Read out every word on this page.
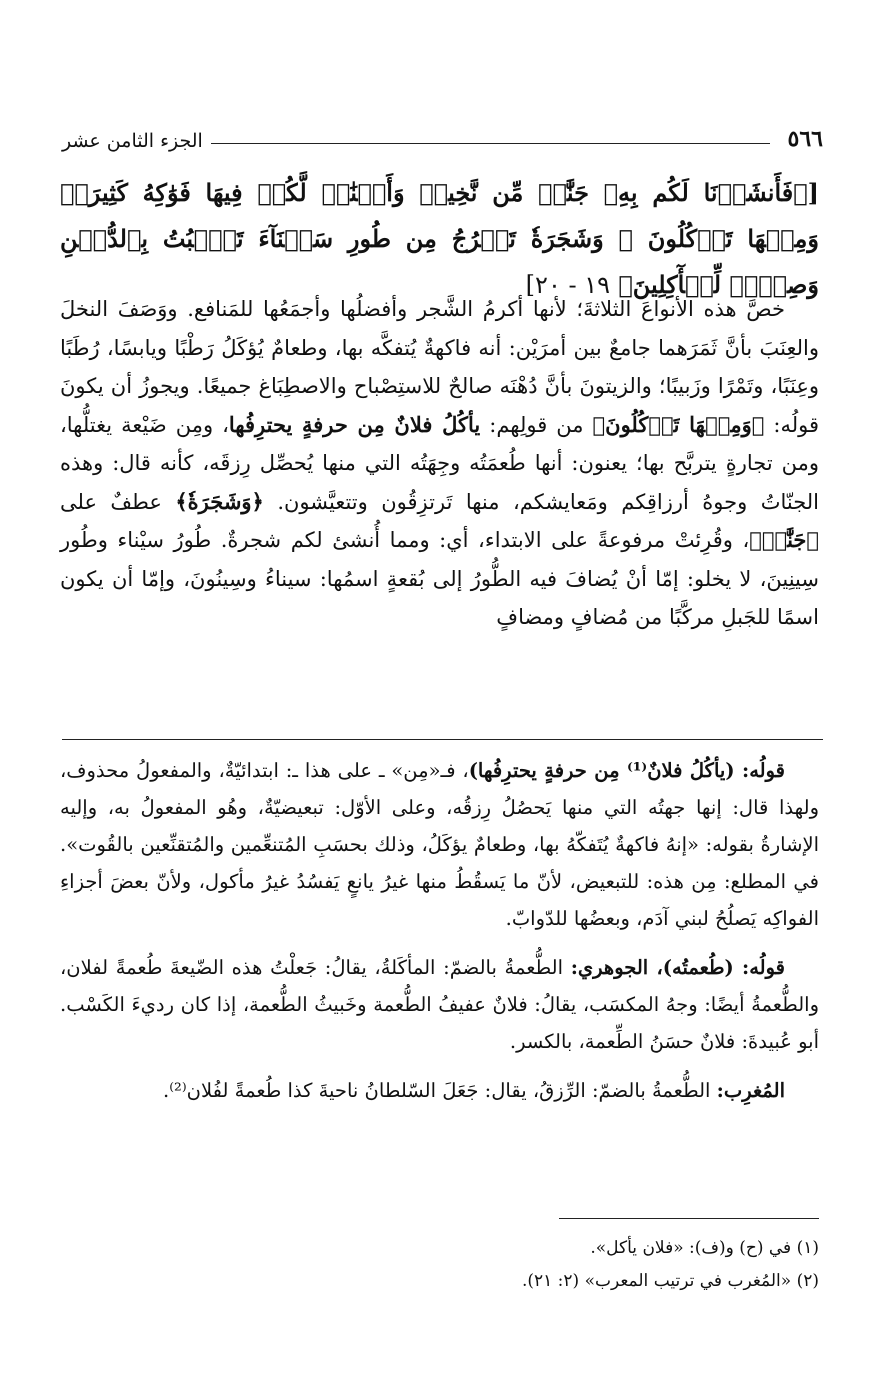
٥٦٦
الجزء الثامن عشر
[﴿فَأَنشَأۡنَا لَكُم بِهِۦ جَنَّٰتٖ مِّن نَّخِيلٖ وَأَعۡنَٰبٖ لَّكُمۡ فِيهَا فَوَٰكِهُ كَثِيرَةٞ وَمِنۡهَا تَأۡكُلُونَ ۞ وَشَجَرَةٗ تَخۡرُجُ مِن طُورِ سَيۡنَآءَ تَنۡۢبُتُ بِٱلدُّهۡنِ وَصِبۡغٖ لِّلۡأٓكِلِينَ﴾ ١٩ - ٢٠]

خصَّ هذه الأنواعَ الثلاثةَ؛ لأنها أكرمُ الشَّجر وأفضلُها وأجمَعُها للمَنافع. ووَصَفَ النخلَ والعِنَبَ بأنَّ ثَمَرَهما جامعٌ بين أمرَيْن: أنه فاكهةٌ يُتفكَّه بها، وطعامٌ يُؤكَلُ رَطْبًا ويابسًا، رُطَبًا وعِنَبًا، وتَمْرًا وزَبيبًا؛ والزيتونَ بأنَّ دُهْنَه صالحٌ للاستِصْباح والاصطِبَاغ جميعًا. ويجوزُ أن يكونَ قولُه: ﴿وَمِنۡهَا تَأۡكُلُونَ﴾ من قولِهم: يأكُلُ فلانٌ مِن حرفةٍ يحترِفُها، ومِن ضَيْعة يغتلُّها، ومن تجارةٍ يتربَّح بها؛ يعنون: أنها طُعمَتُه وجِهَتُه التي منها يُحصِّل رِزقَه، كأنه قال: وهذه الجنّاتُ وجوهُ أرزاقِكم ومَعايشكم، منها تَرتزِقُون وتتعيَّشون. ﴿وَشَجَرَةٗ﴾ عطفٌ على ﴿جَنَّٰتٖ﴾، وقُرِئتْ مرفوعةً على الابتداء، أي: ومما أُنشئ لكم شجرةٌ. طُورُ سيْناء وطُور سِينِينَ، لا يخلو: إمّا أنْ يُضافَ فيه الطُّورُ إلى بُقعةٍ اسمُها: سيناءُ وسِينُونَ، وإمّا أن يكون اسمًا للجَبلِ مركَّبًا من مُضافٍ ومضافٍ

قولُه: (يأكُلُ فلانٌ⁽¹⁾ مِن حرفةٍ يحترِفُها)، فـ«مِن» ـ على هذا ـ: ابتدائيّةٌ، والمفعولُ محذوف، ولهذا قال: إنها جهتُه التي منها يَحصُلُ رِزقُه، وعلى الأوّل: تبعيضيّةٌ، وهُو المفعولُ به، وإليه الإشارةُ بقوله: «إنهُ فاكهةٌ يُتَفكّهُ بها، وطعامٌ يؤكَلُ، وذلك بحسَبِ المُتنعِّمين والمُتقنِّعين بالقُوت». في المطلع: مِن هذه: للتبعيض، لأنّ ما يَسقُطُ منها غيرُ يانعٍ يَفسُدُ غيرُ مأكول، ولأنّ بعضَ أجزاءِ الفواكِه يَصلُحُ لبني آدَم، وبعضُها للدّوابّ.

قولُه: (طُعمتُه)، الجوهري: الطُّعمةُ بالضمّ: المأكَلةُ، يقالُ: جَعلْتُ هذه الضّيعةَ طُعمةً لفلان، والطُّعمةُ أيضًا: وجهُ المكسَب، يقالُ: فلانٌ عفيفُ الطُّعمة وخَبيثُ الطُّعمة، إذا كان رديءَ الكَسْب. أبو عُبيدةَ: فلانٌ حسَنُ الطِّعمة، بالكسر.

المُغرِب: الطُّعمةُ بالضمّ: الرِّزقُ، يقال: جَعَلَ السّلطانُ ناحيةَ كذا طُعمةً لفُلان⁽²⁾.

(١) في (ح) و(ف): «فلان يأكل».

(٢) «المُغرب في ترتيب المعرب» (٢: ٢١).
